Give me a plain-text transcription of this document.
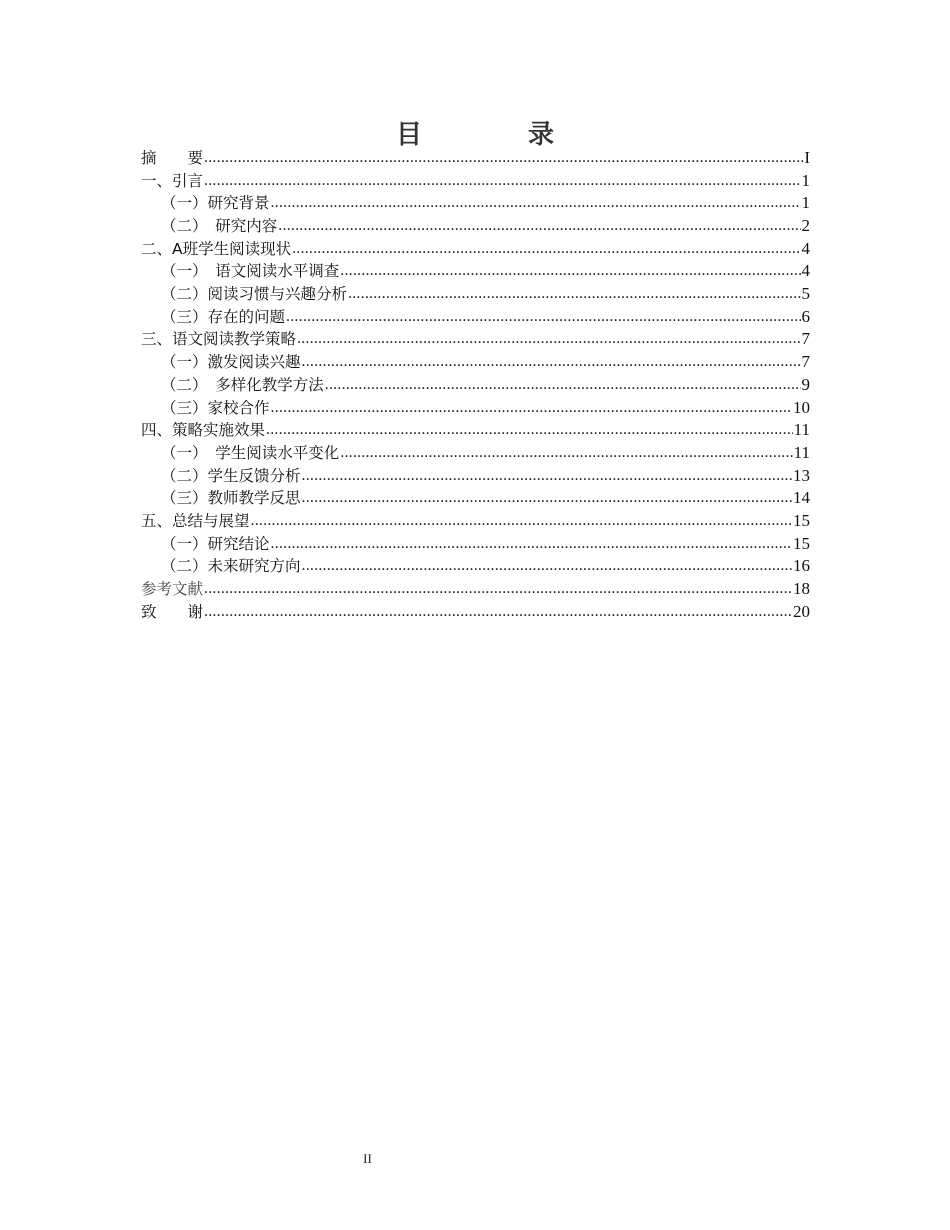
目　录
摘　　要 .....	I
一、引言 .....	1
（一）研究背景 .....	1
（二）　研究内容 .....	2
二、A班学生阅读现状 .....	4
（一）　语文阅读水平调查 .....	4
（二）阅读习惯与兴趣分析 .....	5
（三）存在的问题 .....	6
三、语文阅读教学策略 .....	7
（一）激发阅读兴趣 .....	7
（二）　多样化教学方法 .....	9
（三）家校合作 .....	10
四、策略实施效果 .....	11
（一）　学生阅读水平变化 .....	11
（二）学生反馈分析 .....	13
（三）教师教学反思 .....	14
五、总结与展望 .....	15
（一）研究结论 .....	15
（二）未来研究方向 .....	16
参考文献 .....	18
致　　谢 .....	20
II
